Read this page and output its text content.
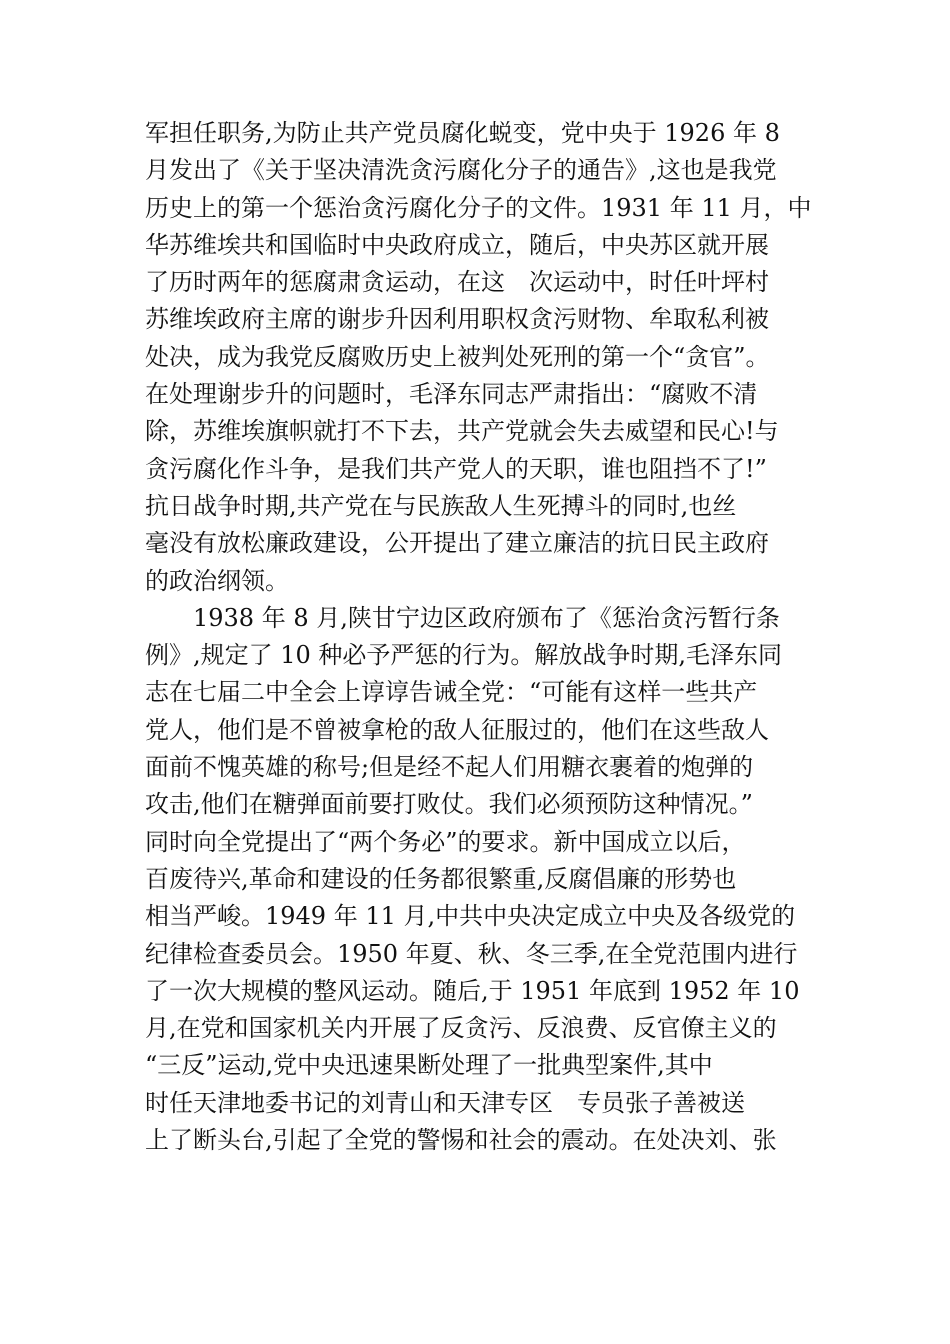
军担任职务,为防止共产党员腐化蜕变，党中央于 1926 年 8
月发出了《关于坚决清洗贪污腐化分子的通告》,这也是我党
历史上的第一个惩治贪污腐化分子的文件。1931 年 11 月，中
华苏维埃共和国临时中央政府成立，随后，中央苏区就开展
了历时两年的惩腐肃贪运动，在这　次运动中，时任叶坪村
苏维埃政府主席的谢步升因利用职权贪污财物、牟取私利被
处决，成为我党反腐败历史上被判处死刑的第一个“贪官”。
在处理谢步升的问题时，毛泽东同志严肃指出：“腐败不清
除，苏维埃旗帜就打不下去，共产党就会失去威望和民心!与
贪污腐化作斗争，是我们共产党人的天职，谁也阻挡不了!”
抗日战争时期,共产党在与民族敌人生死搏斗的同时,也丝
毫没有放松廉政建设，公开提出了建立廉洁的抗日民主政府
的政治纲领。
　　1938 年 8 月,陕甘宁边区政府颁布了《惩治贪污暂行条
例》,规定了 10 种必予严惩的行为。解放战争时期,毛泽东同
志在七届二中全会上谆谆告诫全党：“可能有这样一些共产
党人，他们是不曾被拿枪的敌人征服过的，他们在这些敌人
面前不愧英雄的称号;但是经不起人们用糖衣裹着的炮弹的
攻击,他们在糖弹面前要打败仗。我们必须预防这种情况。”
同时向全党提出了“两个务必”的要求。新中国成立以后，
百废待兴,革命和建设的任务都很繁重,反腐倡廉的形势也
相当严峻。1949 年 11 月,中共中央决定成立中央及各级党的
纪律检查委员会。1950 年夏、秋、冬三季,在全党范围内进行
了一次大规模的整风运动。随后,于 1951 年底到 1952 年 10
月,在党和国家机关内开展了反贪污、反浪费、反官僚主义的
“三反”运动,党中央迅速果断处理了一批典型案件,其中
时任天津地委书记的刘青山和天津专区　专员张子善被送
上了断头台,引起了全党的警惕和社会的震动。在处决刘、张
